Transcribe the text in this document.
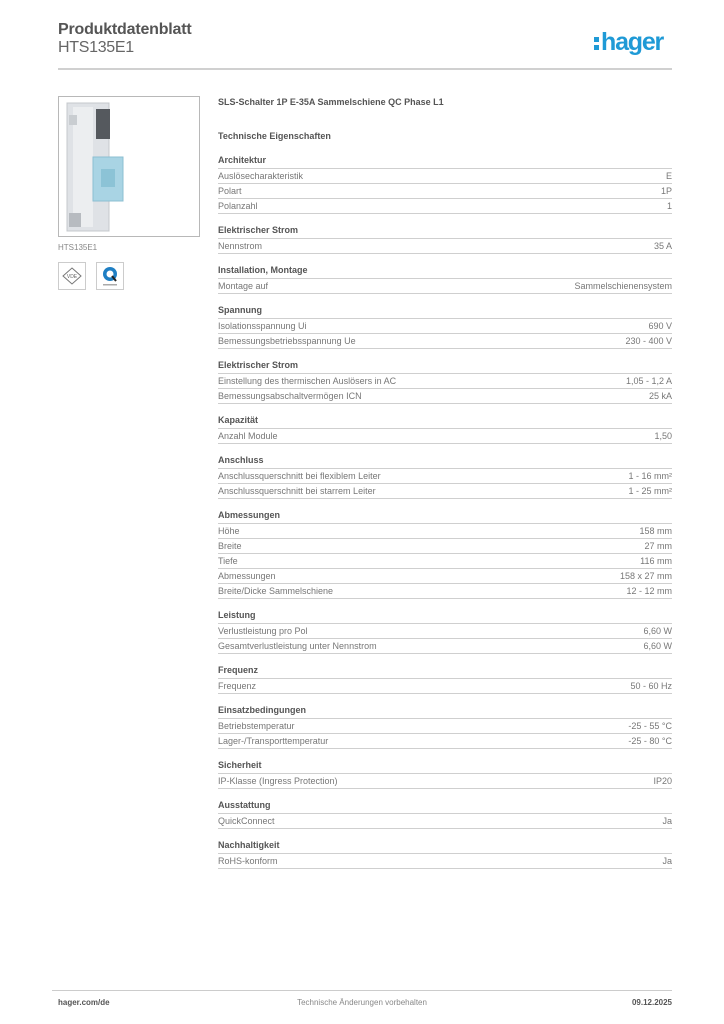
Produktdatenblatt
HTS135E1	hager
HTS135E1
VDE
SLS-Schalter 1P E-35A Sammelschiene QC Phase L1
Technische Eigenschaften
Architektur
Auslösecharakteristik	E
Polart	1P
Polanzahl	1
Elektrischer Strom
Nennstrom	35 A
Installation, Montage
Montage auf	Sammelschienensystem
Spannung
Isolationsspannung Ui	690 V
Bemessungsbetriebsspannung Ue	230 - 400 V
Elektrischer Strom
Einstellung des thermischen Auslösers in AC	1,05 - 1,2 A
Bemessungsabschaltvermögen ICN	25 kA
Kapazität
Anzahl Module	1,50
Anschluss
Anschlussquerschnitt bei flexiblem Leiter	1 - 16 mm²
Anschlussquerschnitt bei starrem Leiter	1 - 25 mm²
Abmessungen
Höhe	158 mm
Breite	27 mm
Tiefe	116 mm
Abmessungen	158 x 27 mm
Breite/Dicke Sammelschiene	12 - 12 mm
Leistung
Verlustleistung pro Pol	6,60 W
Gesamtverlustleistung unter Nennstrom	6,60 W
Frequenz
Frequenz	50 - 60 Hz
Einsatzbedingungen
Betriebstemperatur	-25 - 55 °C
Lager-/Transporttemperatur	-25 - 80 °C
Sicherheit
IP-Klasse (Ingress Protection)	IP20
Ausstattung
QuickConnect	Ja
Nachhaltigkeit
RoHS-konform	Ja
hager.com/de	Technische Änderungen vorbehalten	09.12.2025
